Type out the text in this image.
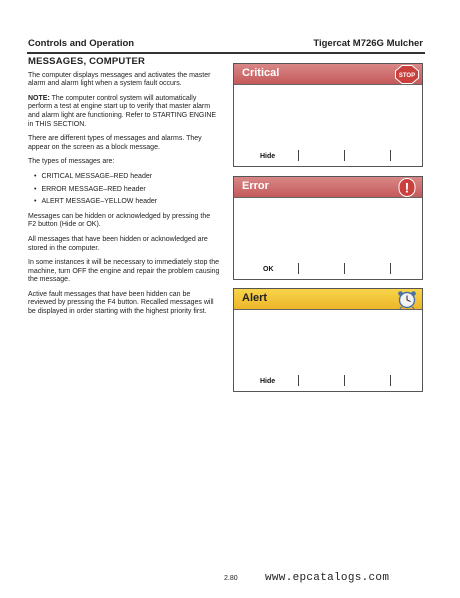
Controls and Operation	Tigercat M726G Mulcher
MESSAGES, COMPUTER

The computer displays messages and activates the master alarm and alarm light when a system fault occurs.

NOTE: The computer control system will automatically perform a test at engine start up to verify that master alarm and alarm light are functioning. Refer to STARTING ENGINE in THIS SECTION.

There are different types of messages and alarms. They appear on the screen as a block message.

The types of messages are:

• CRITICAL MESSAGE–RED header
• ERROR MESSAGE–RED header
• ALERT MESSAGE–YELLOW header

Messages can be hidden or acknowledged by pressing the F2 button (Hide or OK).

All messages that have been hidden or acknowledged are stored in the computer.

In some instances it will be necessary to immediately stop the machine, turn OFF the engine and repair the problem causing the message.

Active fault messages that have been hidden can be reviewed by pressing the F4 button. Recalled messages will be displayed in order starting with the highest priority first.

Critical	STOP
Hide
Error	!
OK
Alert
Hide
2.80 www.epcatalogs.com
